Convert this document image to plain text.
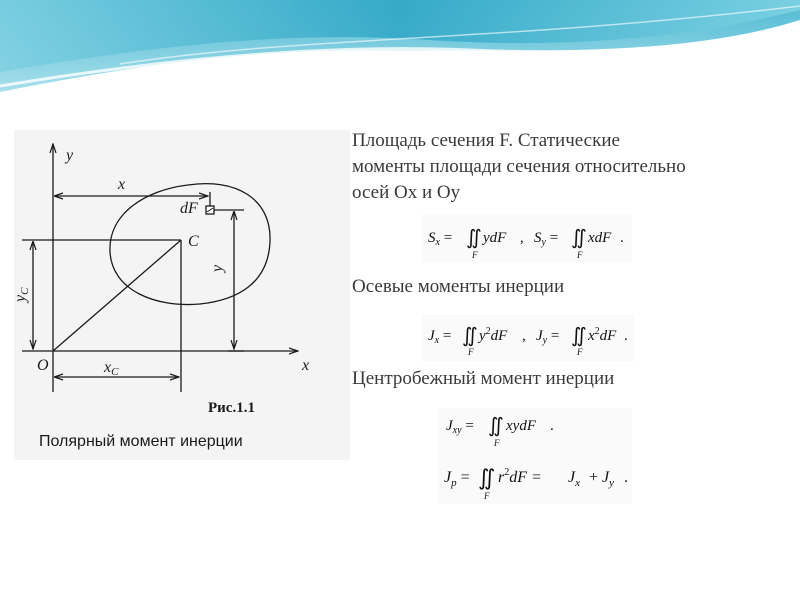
y
x
O
C
dF
x
y
yC
xC
Рис.1.1
Полярный момент инерции
Площадь сечения F. Статические
моменты площади сечения относительно
осей Ox и Oy
Осевые моменты инерции
Центробежный момент инерции
$S_x$ = ∬
F
ydF , $S_y$ = ∬
F
xdF .
$J_x$ = ∬
F
$y^2dF$ , $J_y$ = ∬
F
$x^2dF$ .
$J_{xy}$ = ∬
F
xydF .
$J_p$ = ∬
F
$r^2dF = J_x + J_y$ .
